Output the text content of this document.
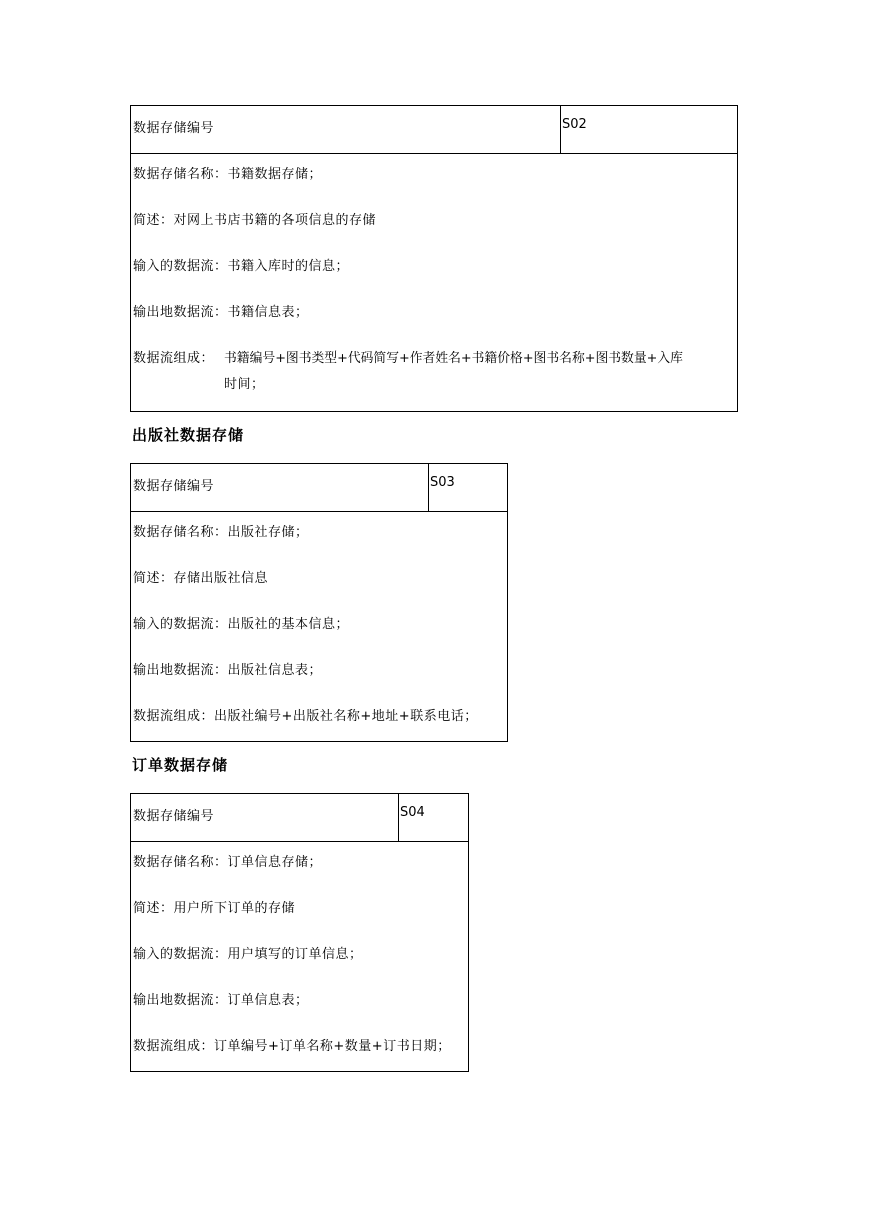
数据存储编号	S02
数据存储名称：书籍数据存储；
简述：对网上书店书籍的各项信息的存储
输入的数据流：书籍入库时的信息；
输出地数据流：书籍信息表；
数据流组成： 书籍编号+图书类型+代码简写+作者姓名+书籍价格+图书名称+图书数量+入库
时间；
出版社数据存储
数据存储编号	S03
数据存储名称：出版社存储；
简述：存储出版社信息
输入的数据流：出版社的基本信息；
输出地数据流：出版社信息表；
数据流组成：出版社编号+出版社名称+地址+联系电话；
订单数据存储
数据存储编号	S04
数据存储名称：订单信息存储；
简述：用户所下订单的存储
输入的数据流：用户填写的订单信息；
输出地数据流：订单信息表；
数据流组成：订单编号+订单名称+数量+订书日期；
